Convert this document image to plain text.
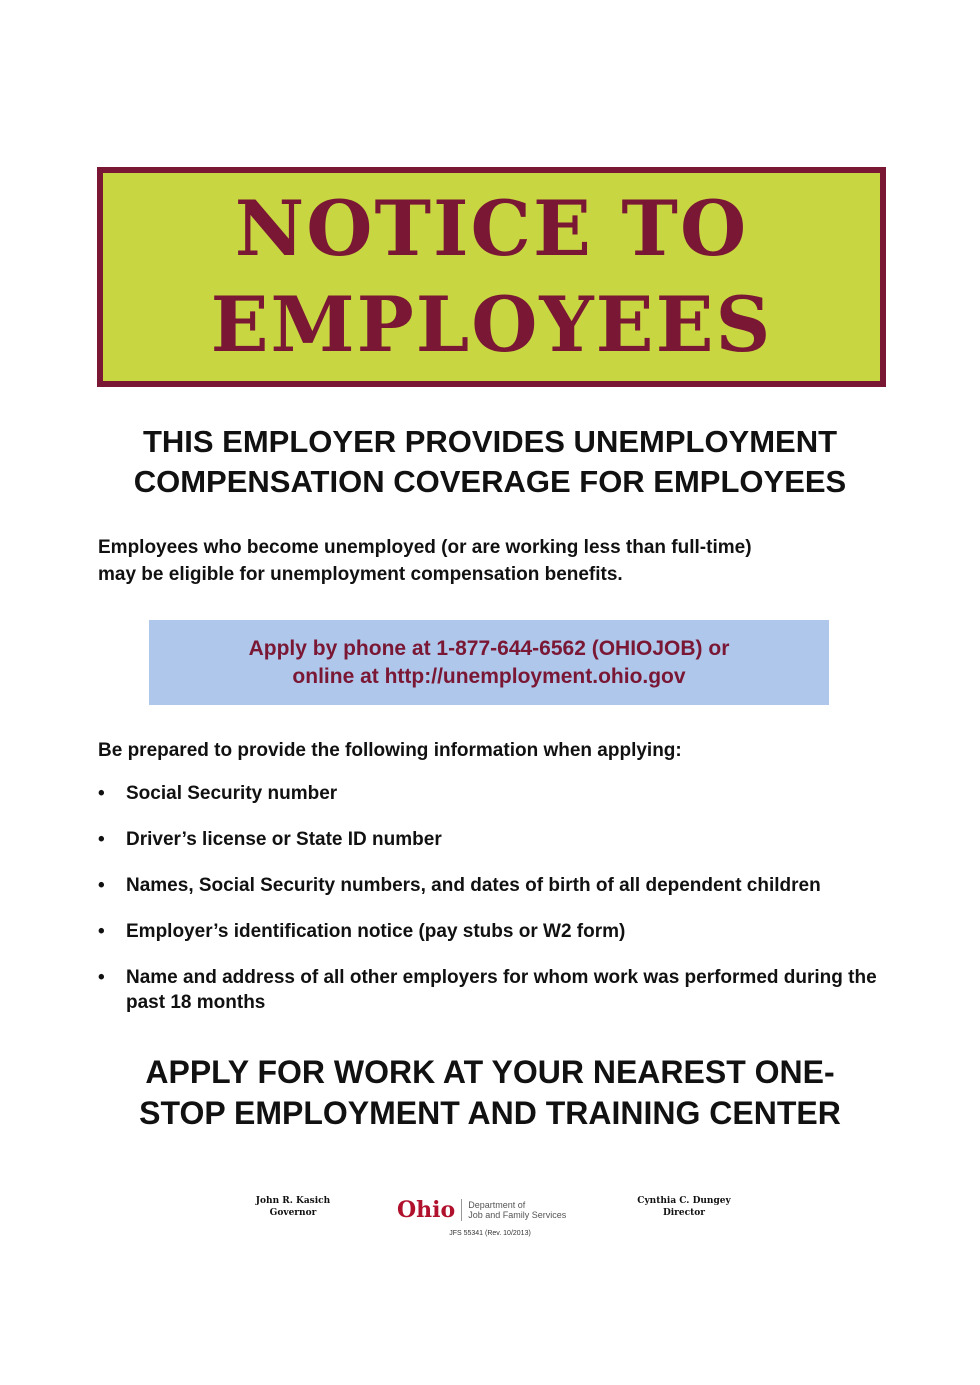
NOTICE TO
EMPLOYEES
THIS EMPLOYER PROVIDES UNEMPLOYMENT
COMPENSATION COVERAGE FOR EMPLOYEES
Employees who become unemployed (or are working less than full-time)
may be eligible for unemployment compensation benefits.
Apply by phone at 1-877-644-6562 (OHIOJOB) or
online at http://unemployment.ohio.gov
Be prepared to provide the following information when applying:
• Social Security number
• Driver’s license or State ID number
• Names, Social Security numbers, and dates of birth of all dependent children
• Employer’s identification notice (pay stubs or W2 form)
• Name and address of all other employers for whom work was performed during the past 18 months
APPLY FOR WORK AT YOUR NEAREST ONE-
STOP EMPLOYMENT AND TRAINING CENTER
John R. Kasich
Governor	Ohio Department of
Job and Family Services
JFS 55341 (Rev. 10/2013)
Cynthia C. Dungey
Director
